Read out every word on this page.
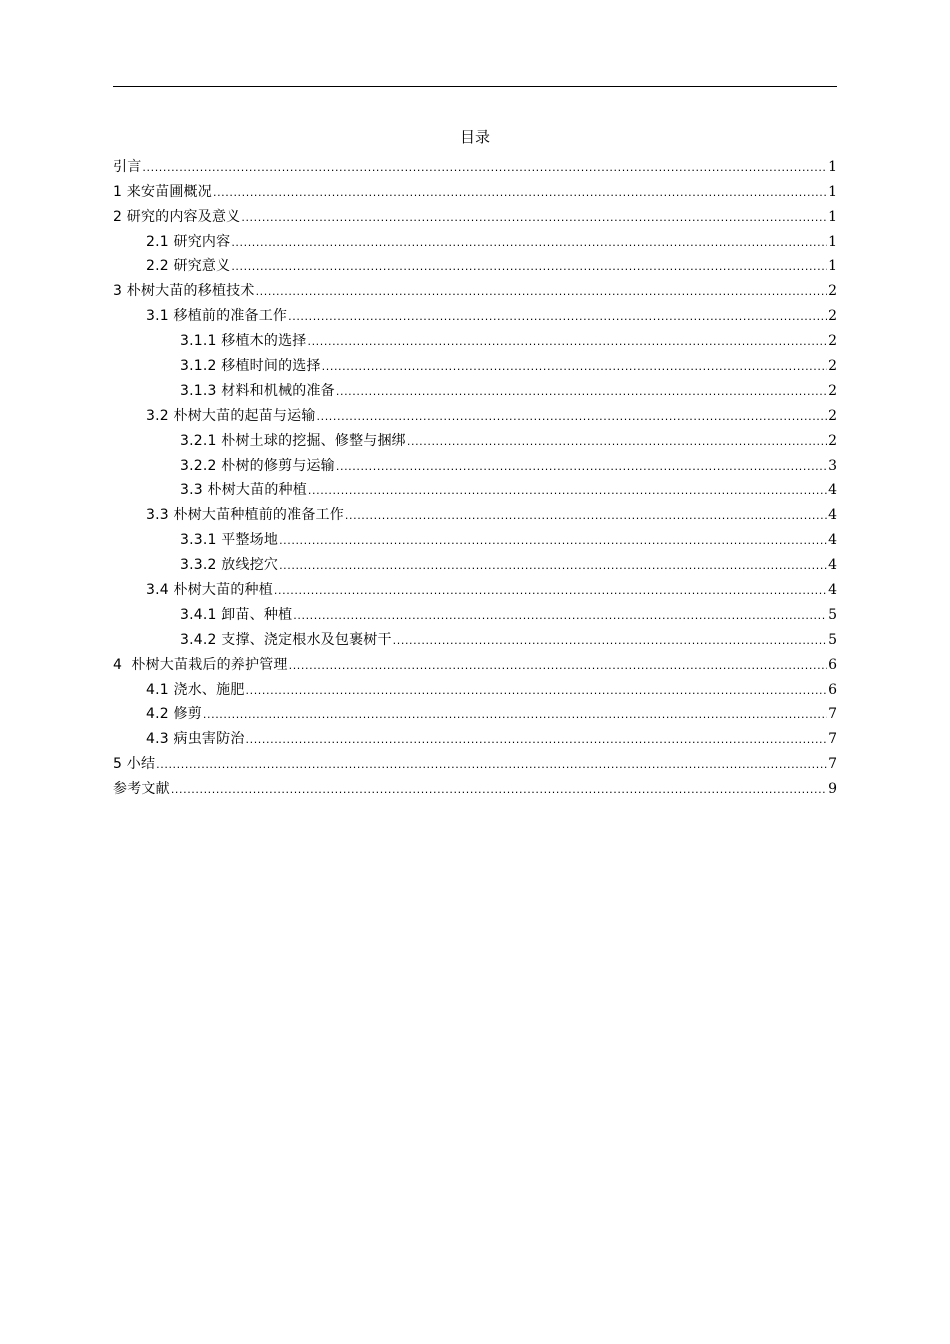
目录
引言 .....	1
1 来安苗圃概况 .....	1
2 研究的内容及意义 .....	1
2.1 研究内容 .....	1
2.2 研究意义 .....	1
3 朴树大苗的移植技术 .....	2
3.1 移植前的准备工作 .....	2
3.1.1 移植木的选择 .....	2
3.1.2 移植时间的选择 .....	2
3.1.3 材料和机械的准备 .....	2
3.2 朴树大苗的起苗与运输 .....	2
3.2.1 朴树土球的挖掘、修整与捆绑 .....	2
3.2.2 朴树的修剪与运输 .....	3
3.3 朴树大苗的种植 .....	4
3.3 朴树大苗种植前的准备工作 .....	4
3.3.1 平整场地 .....	4
3.3.2 放线挖穴 .....	4
3.4 朴树大苗的种植 .....	4
3.4.1 卸苗、种植 .....	5
3.4.2 支撑、浇定根水及包裹树干 .....	5
4  朴树大苗栽后的养护管理 .....	6
4.1 浇水、施肥 .....	6
4.2 修剪 .....	7
4.3 病虫害防治 .....	7
5 小结 .....	7
参考文献 .....	9
